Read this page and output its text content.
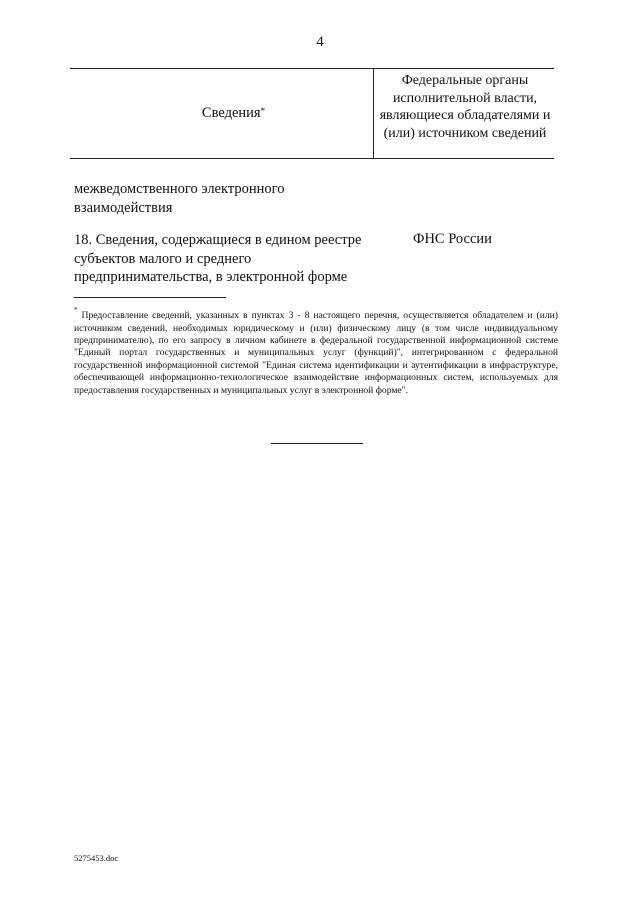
4
Сведения*
Федеральные органы исполнительной власти, являющиеся обладателями и (или) источником сведений
межведомственного электронного взаимодействия
18. Сведения, содержащиеся в едином реестре субъектов малого и среднего предпринимательства, в электронной форме
ФНС России
* Предоставление сведений, указанных в пунктах 3 - 8 настоящего перечня, осуществляется обладателем и (или) источником сведений, необходимых юридическому и (или) физическому лицу (в том числе индивидуальному предпринимателю), по его запросу в личном кабинете в федеральной государственной информационной системе "Единый портал государственных и муниципальных услуг (функций)", интегрированном с федеральной государственной информационной системой "Единая система идентификации и аутентификации в инфраструктуре, обеспечивающей информационно-технологическое взаимодействие информационных систем, используемых для предоставления государственных и муниципальных услуг в электронной форме".
5275453.doc
